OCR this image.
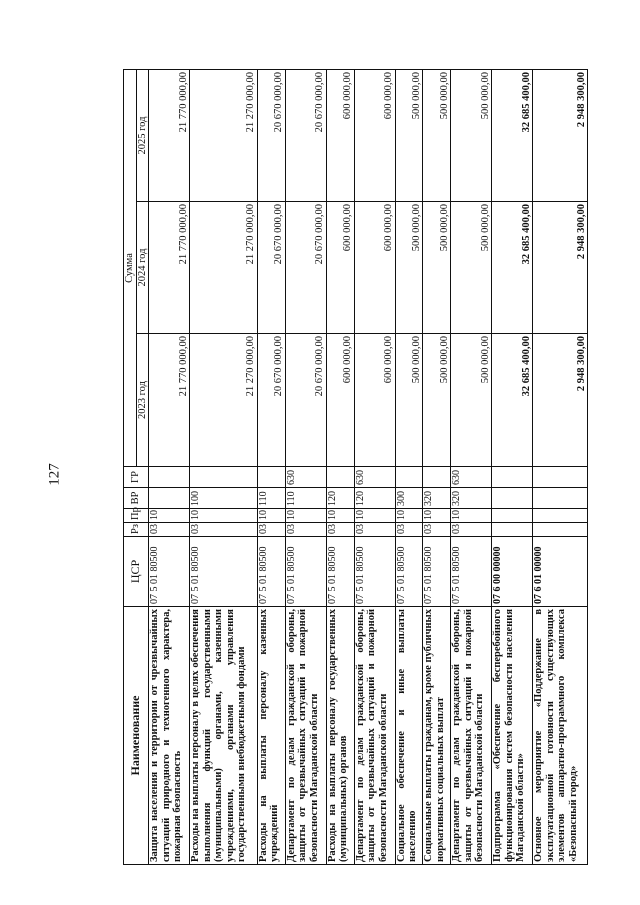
127
Наименование	ЦСР	Рз	Пр	ВР	ГР	Сумма		
						2023 год	2024 год	2025 год
Защита населения и территории от чрезвычайных ситуаций природного и техногенного характера, пожарная безопасность	07 5 01 80500	03	10			21 770 000,00	21 770 000,00	21 770 000,00
Расходы на выплаты персоналу в целях обеспечения выполнения функций государственными (муниципальными) органами, казенными учреждениями, органами управления государственными внебюджетными фондами	07 5 01 80500	03	10	100		21 270 000,00	21 270 000,00	21 270 000,00
Расходы на выплаты персоналу казенных учреждений	07 5 01 80500	03	10	110		20 670 000,00	20 670 000,00	20 670 000,00
Департамент по делам гражданской обороны, защиты от чрезвычайных ситуаций и пожарной безопасности Магаданской области	07 5 01 80500	03	10	110	630	20 670 000,00	20 670 000,00	20 670 000,00
Расходы на выплаты персоналу государственных (муниципальных) органов	07 5 01 80500	03	10	120		600 000,00	600 000,00	600 000,00
Департамент по делам гражданской обороны, защиты от чрезвычайных ситуаций и пожарной безопасности Магаданской области	07 5 01 80500	03	10	120	630	600 000,00	600 000,00	600 000,00
Социальное обеспечение и иные выплаты населению	07 5 01 80500	03	10	300		500 000,00	500 000,00	500 000,00
Социальные выплаты гражданам, кроме публичных нормативных социальных выплат	07 5 01 80500	03	10	320		500 000,00	500 000,00	500 000,00
Департамент по делам гражданской обороны, защиты от чрезвычайных ситуаций и пожарной безопасности Магаданской области	07 5 01 80500	03	10	320	630	500 000,00	500 000,00	500 000,00
Подпрограмма «Обеспечение бесперебойного функционирования систем безопасности населения Магаданской области»	07 6 00 00000					32 685 400,00	32 685 400,00	32 685 400,00
Основное мероприятие «Поддержание в эксплуатационной готовности существующих элементов аппаратно-программного комплекса «Безопасный город»	07 6 01 00000					2 948 300,00	2 948 300,00	2 948 300,00
